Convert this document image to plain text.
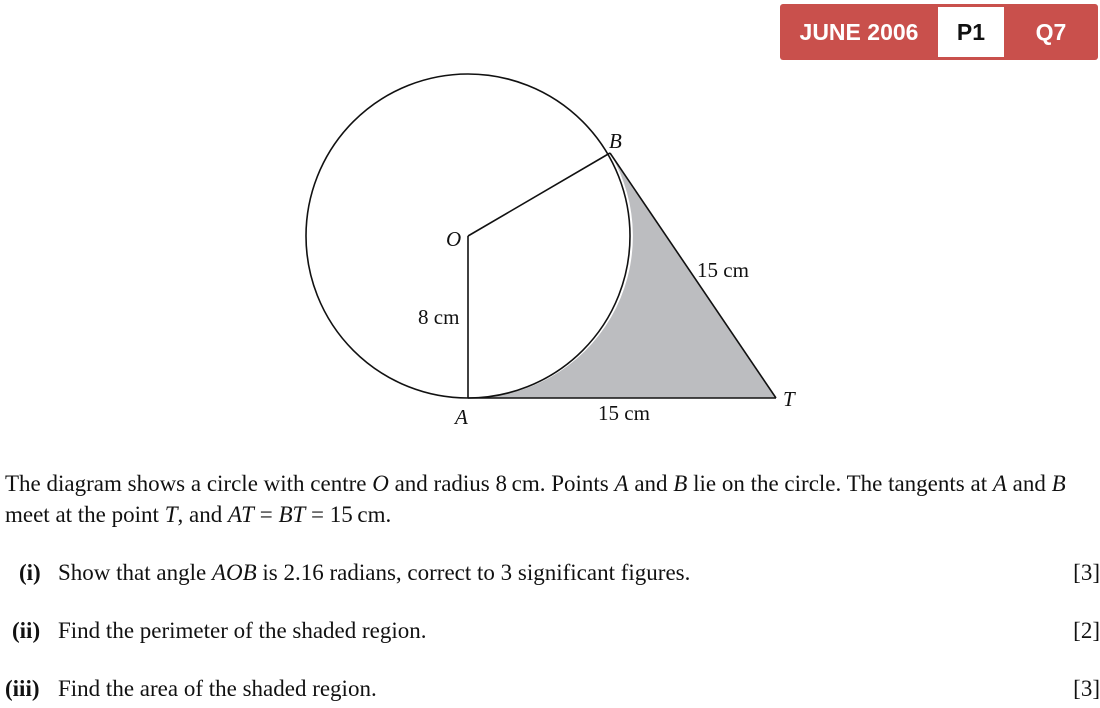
JUNE 2006	P1	Q7
B
O
A
T
8 cm
15 cm
15 cm

The diagram shows a circle with centre O and radius 8 cm. Points A and B lie on the circle. The tangents at A and B meet at the point T, and AT = BT = 15 cm.

(i) Show that angle AOB is 2.16 radians, correct to 3 significant figures.	[3]
(ii) Find the perimeter of the shaded region.	[2]
(iii) Find the area of the shaded region.	[3]
